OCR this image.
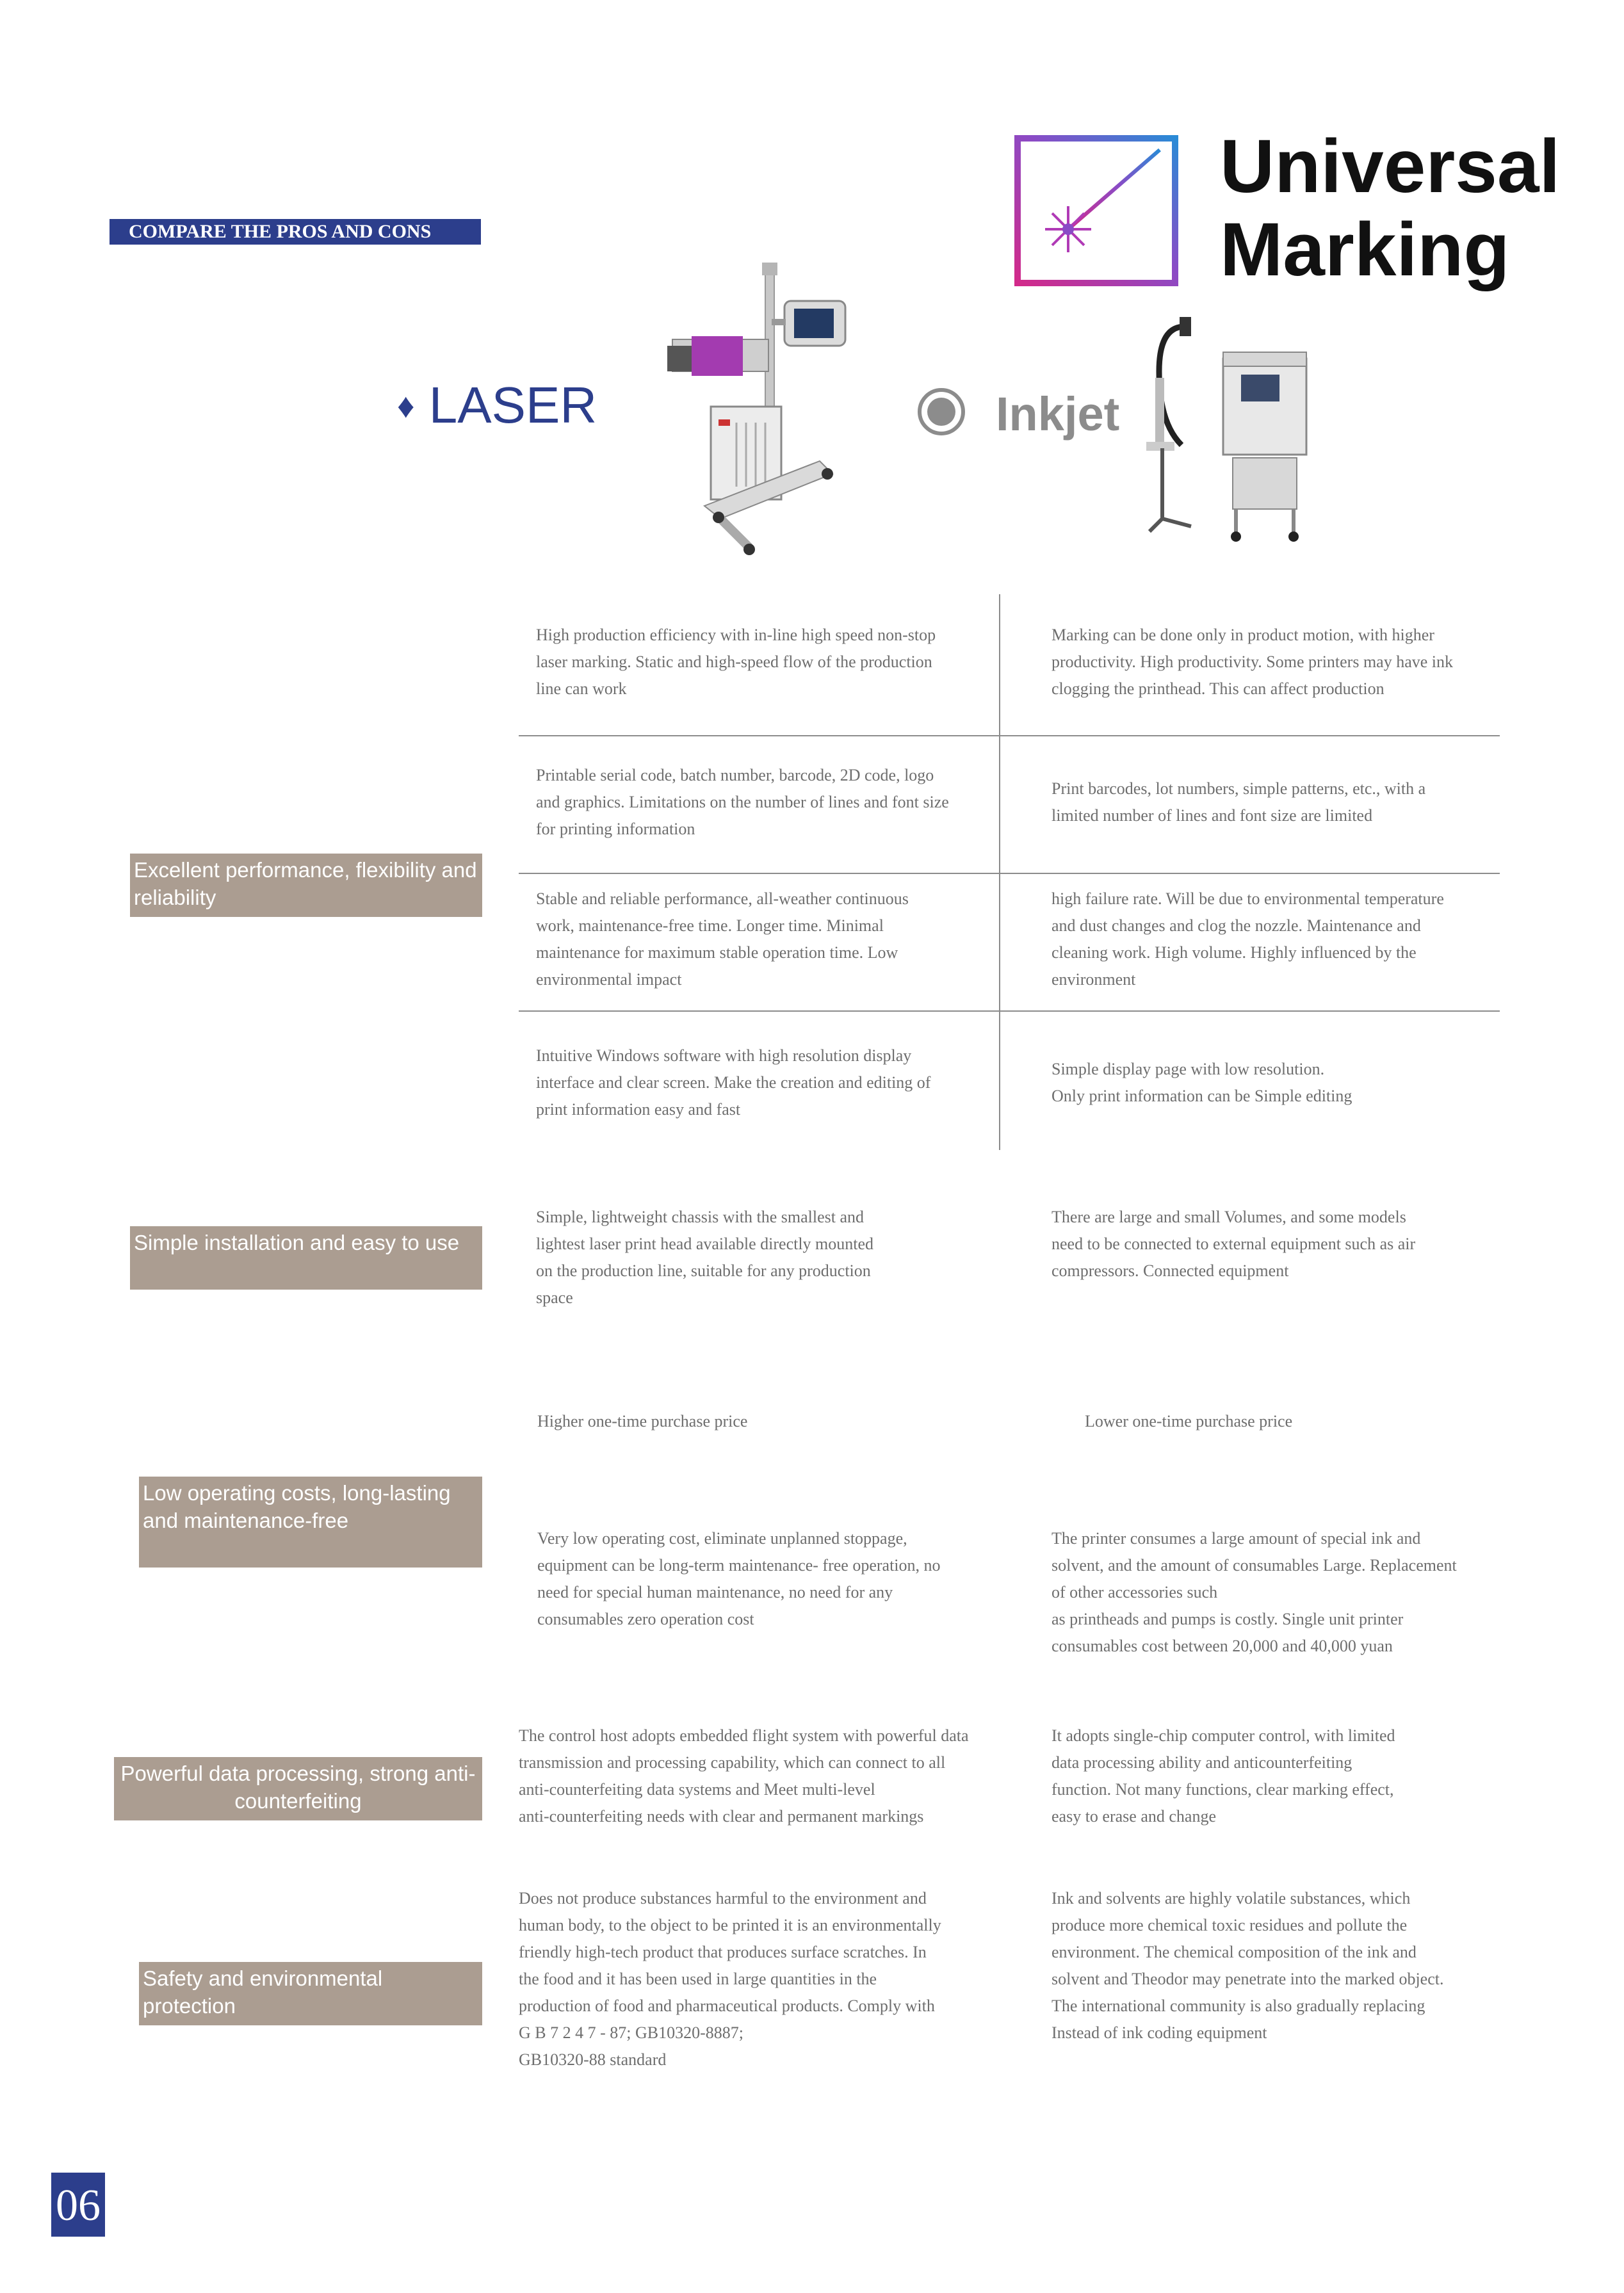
COMPARE THE PROS AND CONS
Universal
Marking
♦ LASER	Inkjet
Excellent performance, flexibility and reliability
Simple installation and easy to use
Low operating costs, long-lasting and maintenance-free
Powerful data processing, strong anti-counterfeiting
Safety and environmental protection
High production efficiency with in-line high speed non-stop
laser marking. Static and high-speed flow of the production
line can work
Printable serial code, batch number, barcode, 2D code, logo
and graphics. Limitations on the number of lines and font size
for printing information
Stable and reliable performance, all-weather continuous
work, maintenance-free time. Longer time. Minimal
maintenance for maximum stable operation time. Low
environmental impact
Intuitive Windows software with high resolution display
interface and clear screen. Make the creation and editing of
print information easy and fast
Simple, lightweight chassis with the smallest and
lightest laser print head available directly mounted
on the production line, suitable for any production
space
Higher one-time purchase price
Very low operating cost, eliminate unplanned stoppage,
equipment can be long-term maintenance- free operation, no
need for special human maintenance, no need for any
consumables zero operation cost
The control host adopts embedded flight system with powerful data
transmission and processing capability, which can connect to all
anti-counterfeiting data systems and Meet multi-level
anti-counterfeiting needs with clear and permanent markings
Does not produce substances harmful to the environment and
human body, to the object to be printed it is an environmentally
friendly high-tech product that produces surface scratches. In
the food and it has been used in large quantities in the
production of food and pharmaceutical products. Comply with
G B 7 2 4 7 - 87; GB10320-8887;
GB10320-88 standard
Marking can be done only in product motion, with higher
productivity. High productivity. Some printers may have ink
clogging the printhead. This can affect production
Print barcodes, lot numbers, simple patterns, etc., with a
limited number of lines and font size are limited
high failure rate. Will be due to environmental temperature
and dust changes and clog the nozzle. Maintenance and
cleaning work. High volume. Highly influenced by the
environment
Simple display page with low resolution.
Only print information can be Simple editing
There are large and small Volumes, and some models
need to be connected to external equipment such as air
compressors. Connected equipment
Lower one-time purchase price
The printer consumes a large amount of special ink and
solvent, and the amount of consumables Large. Replacement
of other accessories such
as printheads and pumps is costly. Single unit printer
consumables cost between 20,000 and 40,000 yuan
It adopts single-chip computer control, with limited
data processing ability and anticounterfeiting
function. Not many functions, clear marking effect,
easy to erase and change
Ink and solvents are highly volatile substances, which
produce more chemical toxic residues and pollute the
environment. The chemical composition of the ink and
solvent and Theodor may penetrate into the marked object.
The international community is also gradually replacing
Instead of ink coding equipment
06
